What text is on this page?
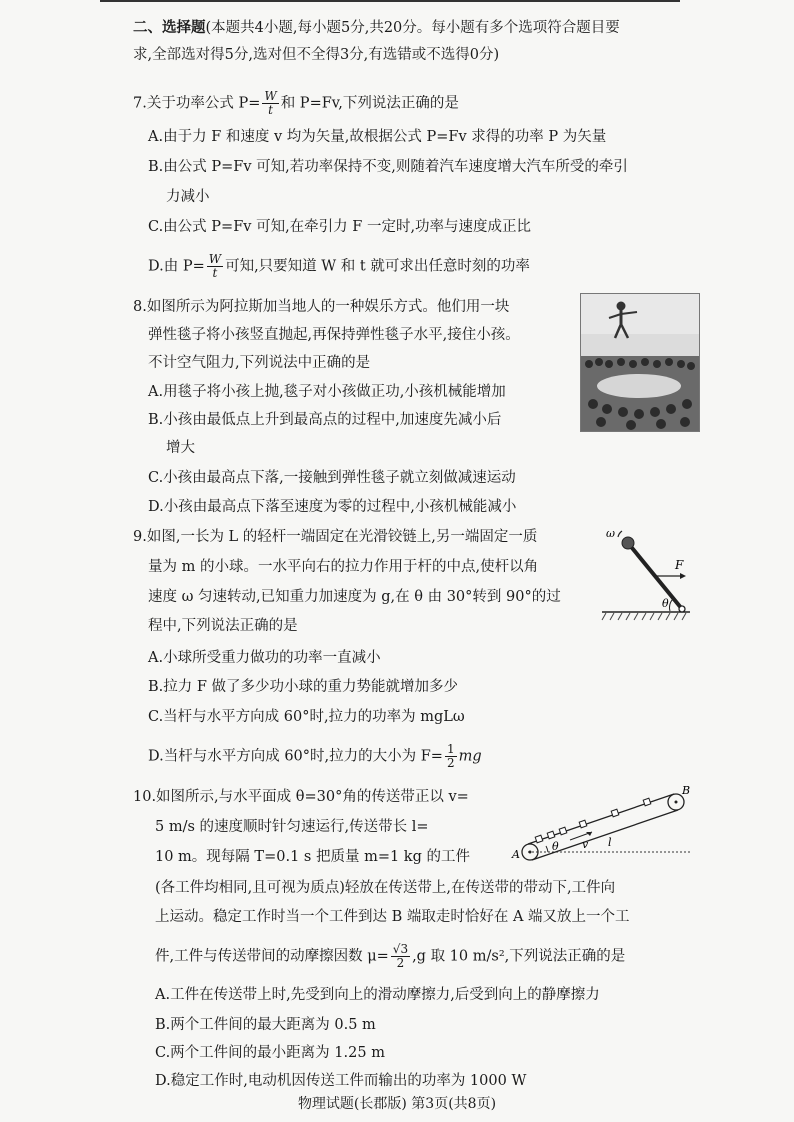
二、选择题(本题共4小题,每小题5分,共20分。每小题有多个选项符合题目要
求,全部选对得5分,选对但不全得3分,有选错或不选得0分)
7.关于功率公式 $P= \frac{W}{t}$ 和 P=Fv,下列说法正确的是
A.由于力 F 和速度 v 均为矢量,故根据公式 P=Fv 求得的功率 P 为矢量
B.由公式 P=Fv 可知,若功率保持不变,则随着汽车速度增大汽车所受的牵引
力减小
C.由公式 P=Fv 可知,在牵引力 F 一定时,功率与速度成正比
D.由 $P= \frac{W}{t}$ 可知,只要知道 W 和 t 就可求出任意时刻的功率
8.如图所示为阿拉斯加当地人的一种娱乐方式。他们用一块
弹性毯子将小孩竖直抛起,再保持弹性毯子水平,接住小孩。
不计空气阻力,下列说法中正确的是
A.用毯子将小孩上抛,毯子对小孩做正功,小孩机械能增加
B.小孩由最低点上升到最高点的过程中,加速度先减小后
增大
C.小孩由最高点下落,一接触到弹性毯子就立刻做减速运动
D.小孩由最高点下落至速度为零的过程中,小孩机械能减小
9.如图,一长为 L 的轻杆一端固定在光滑铰链上,另一端固定一质
量为 m 的小球。一水平向右的拉力作用于杆的中点,使杆以角
速度 ω 匀速转动,已知重力加速度为 g,在 θ 由 30°转到 90°的过
程中,下列说法正确的是
A.小球所受重力做功的功率一直减小
B.拉力 F 做了多少功小球的重力势能就增加多少
C.当杆与水平方向成 60°时,拉力的功率为 mgLω
D.当杆与水平方向成 60°时,拉力的大小为 $F= \frac{1}{2}$ mg
ω
F
θ
10.如图所示,与水平面成 θ=30°角的传送带正以 v=
5 m/s 的速度顺时针匀速运行,传送带长 l=
10 m。现每隔 T=0.1 s 把质量 m=1 kg 的工件
(各工件均相同,且可视为质点)轻放在传送带上,在传送带的带动下,工件向
上运动。稳定工作时当一个工件到达 B 端取走时恰好在 A 端又放上一个工
件,工件与传送带间的动摩擦因数 $\mu= \frac{√3}{2} ,g$ 取 10 m/s²,下列说法正确的是
A.工件在传送带上时,先受到向上的滑动摩擦力,后受到向上的静摩擦力
B.两个工件间的最大距离为 0.5 m
C.两个工件间的最小距离为 1.25 m
D.稳定工作时,电动机因传送工件而输出的功率为 1000 W
v
θ	l
A
B
物理试题(长郡版) 第3页(共8页)
